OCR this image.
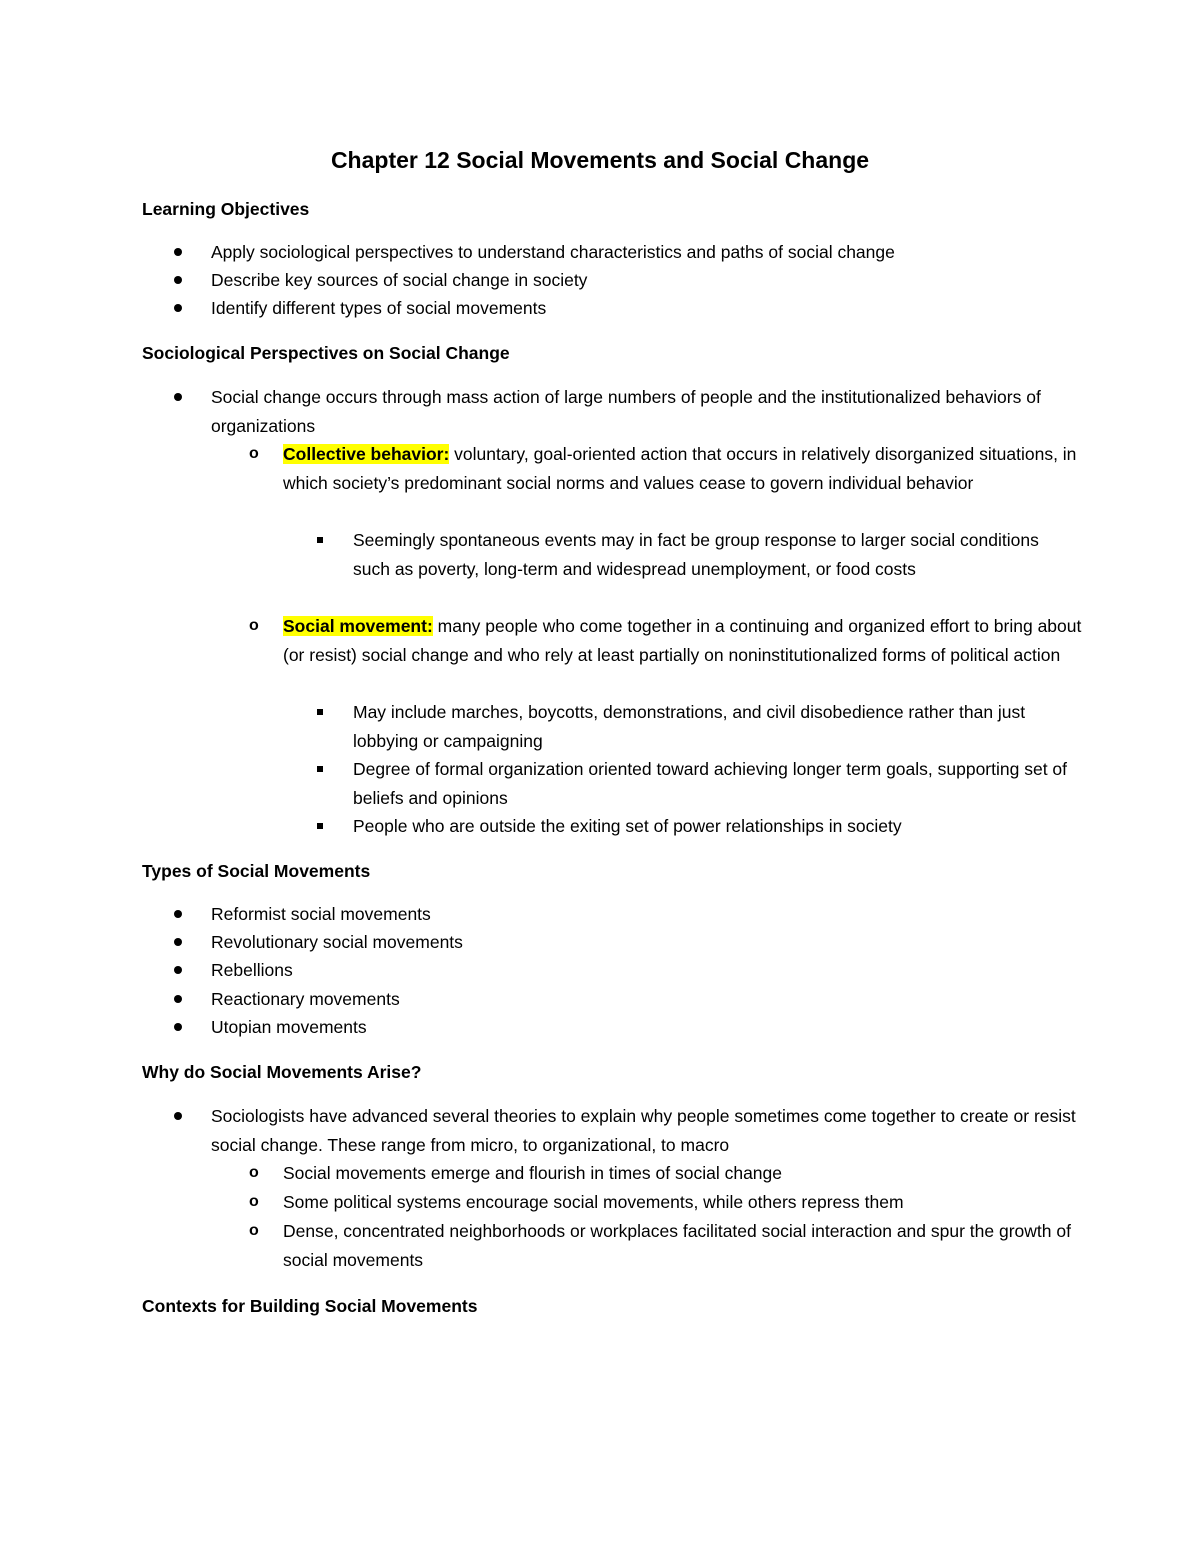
Chapter 12 Social Movements and Social Change
Learning Objectives
Apply sociological perspectives to understand characteristics and paths of social change
Describe key sources of social change in society
Identify different types of social movements
Sociological Perspectives on Social Change
Social change occurs through mass action of large numbers of people and the institutionalized behaviors of organizations
o Collective behavior: voluntary, goal-oriented action that occurs in relatively disorganized situations, in which society’s predominant social norms and values cease to govern individual behavior
Seemingly spontaneous events may in fact be group response to larger social conditions such as poverty, long-term and widespread unemployment, or food costs
o Social movement: many people who come together in a continuing and organized effort to bring about (or resist) social change and who rely at least partially on noninstitutionalized forms of political action
May include marches, boycotts, demonstrations, and civil disobedience rather than just lobbying or campaigning
Degree of formal organization oriented toward achieving longer term goals, supporting set of beliefs and opinions
People who are outside the exiting set of power relationships in society
Types of Social Movements
Reformist social movements
Revolutionary social movements
Rebellions
Reactionary movements
Utopian movements
Why do Social Movements Arise?
Sociologists have advanced several theories to explain why people sometimes come together to create or resist social change. These range from micro, to organizational, to macro
o Social movements emerge and flourish in times of social change
o Some political systems encourage social movements, while others repress them
o Dense, concentrated neighborhoods or workplaces facilitated social interaction and spur the growth of social movements
Contexts for Building Social Movements
